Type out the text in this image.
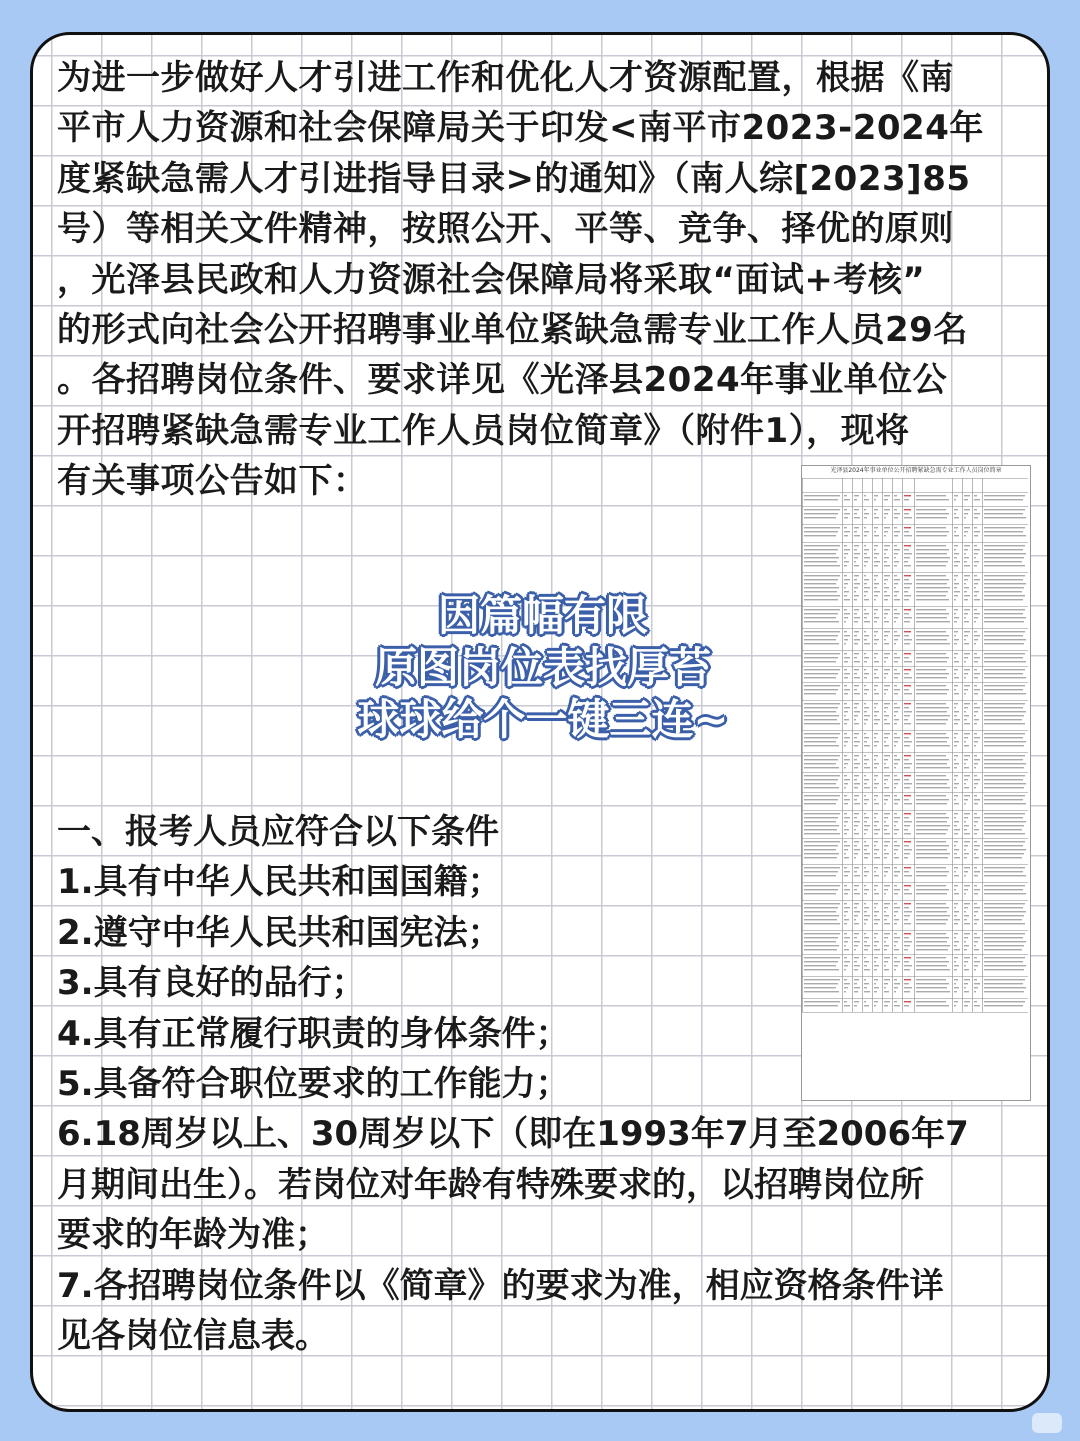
为进一步做好人才引进工作和优化人才资源配置，根据《南
平市人力资源和社会保障局关于印发<南平市2023-2024年
度紧缺急需人才引进指导目录>的通知》（南人综[2023]85
号）等相关文件精神，按照公开、平等、竞争、择优的原则
，光泽县民政和人力资源社会保障局将采取“面试+考核”
的形式向社会公开招聘事业单位紧缺急需专业工作人员29名
。各招聘岗位条件、要求详见《光泽县2024年事业单位公
开招聘紧缺急需专业工作人员岗位简章》（附件1），现将
有关事项公告如下：	光泽县2024年事业单位公开招聘紧缺急需专业工作人员岗位简章
因篇幅有限
原图岗位表找厚苔
球球给个一键三连~
一、报考人员应符合以下条件
1.具有中华人民共和国国籍；
2.遵守中华人民共和国宪法；
3.具有良好的品行；
4.具有正常履行职责的身体条件；
5.具备符合职位要求的工作能力；
6.18周岁以上、30周岁以下（即在1993年7月至2006年7
月期间出生）。若岗位对年龄有特殊要求的，以招聘岗位所
要求的年龄为准；
7.各招聘岗位条件以《简章》的要求为准，相应资格条件详
见各岗位信息表。
